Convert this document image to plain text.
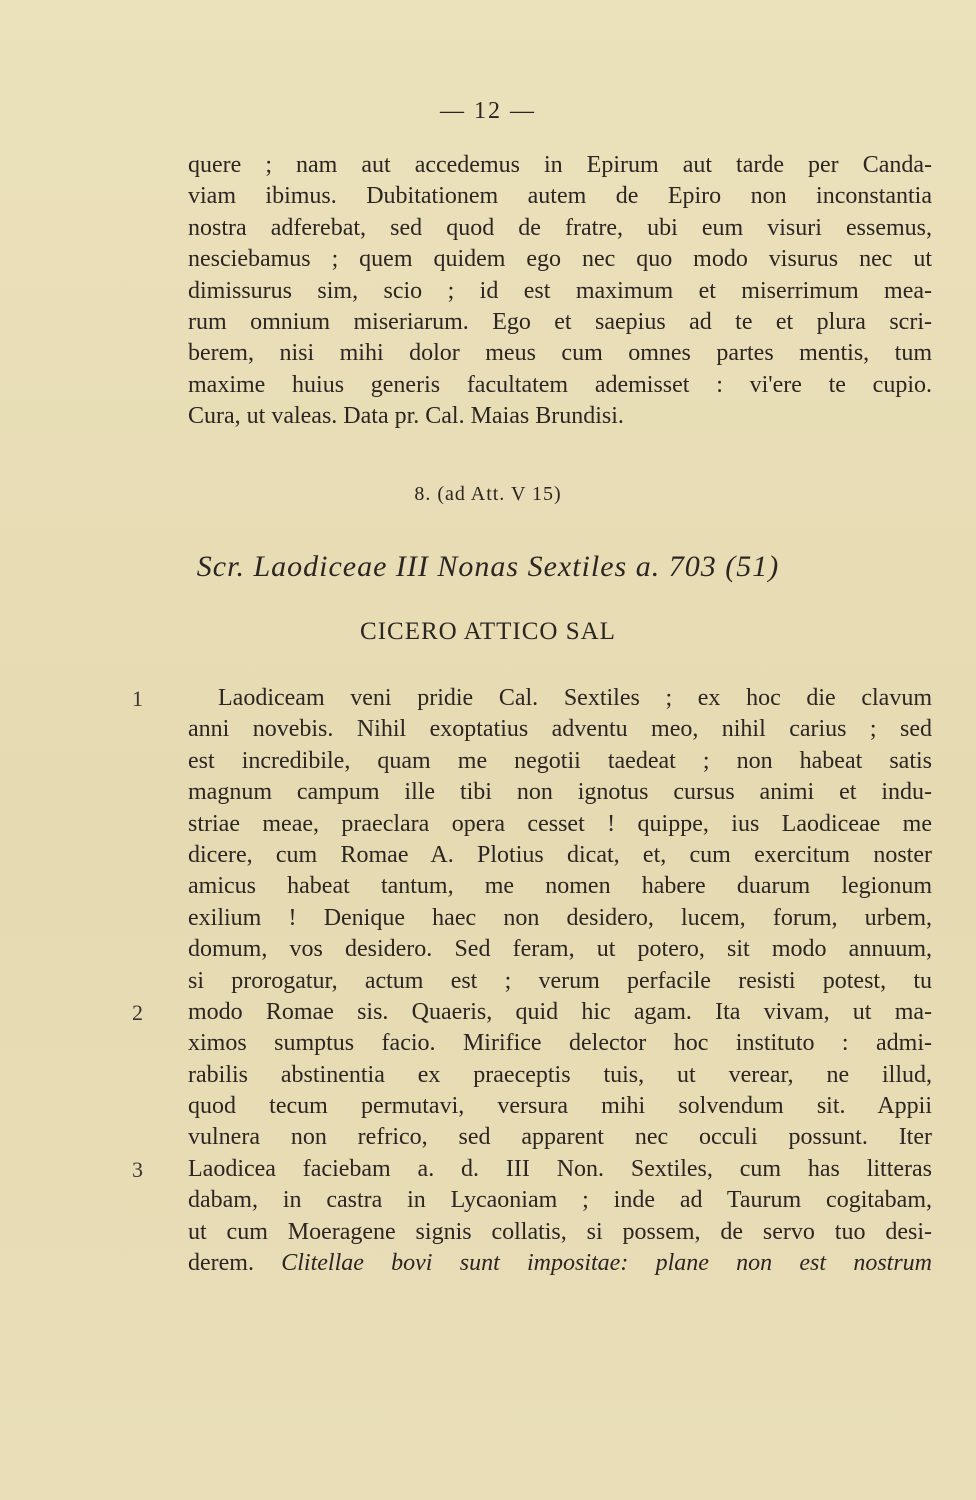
— 12 —
quere ; nam aut accedemus in Epirum aut tarde per Canda-
viam ibimus. Dubitationem autem de Epiro non inconstantia
nostra adferebat, sed quod de fratre, ubi eum visuri essemus,
nesciebamus ; quem quidem ego nec quo modo visurus nec ut
dimissurus sim, scio ; id est maximum et miserrimum mea-
rum omnium miseriarum. Ego et saepius ad te et plura scri-
berem, nisi mihi dolor meus cum omnes partes mentis, tum
maxime huius generis facultatem ademisset : vi'ere te cupio.
Cura, ut valeas. Data pr. Cal. Maias Brundisi.
8. (ad Att. V 15)
Scr. Laodiceae III Nonas Sextiles a. 703 (51)
CICERO ATTICO SAL
1	Laodiceam veni pridie Cal. Sextiles ; ex hoc die clavum
anni novebis. Nihil exoptatius adventu meo, nihil carius ; sed
est incredibile, quam me negotii taedeat ; non habeat satis
magnum campum ille tibi non ignotus cursus animi et indu-
striae meae, praeclara opera cesset ! quippe, ius Laodiceae me
dicere, cum Romae A. Plotius dicat, et, cum exercitum noster
amicus habeat tantum, me nomen habere duarum legionum
exilium ! Denique haec non desidero, lucem, forum, urbem,
domum, vos desidero. Sed feram, ut potero, sit modo annuum,
si prorogatur, actum est ; verum perfacile resisti potest, tu
2 modo Romae sis. Quaeris, quid hic agam. Ita vivam, ut ma-
ximos sumptus facio. Mirifice delector hoc instituto : admi-
rabilis abstinentia ex praeceptis tuis, ut verear, ne illud,
quod tecum permutavi, versura mihi solvendum sit. Appii
vulnera non refrico, sed apparent nec occuli possunt. Iter
3 Laodicea faciebam a. d. III Non. Sextiles, cum has litteras
dabam, in castra in Lycaoniam ; inde ad Taurum cogitabam,
ut cum Moeragene signis collatis, si possem, de servo tuo desi-
derem. Clitellae bovi sunt impositae: plane non est nostrum
